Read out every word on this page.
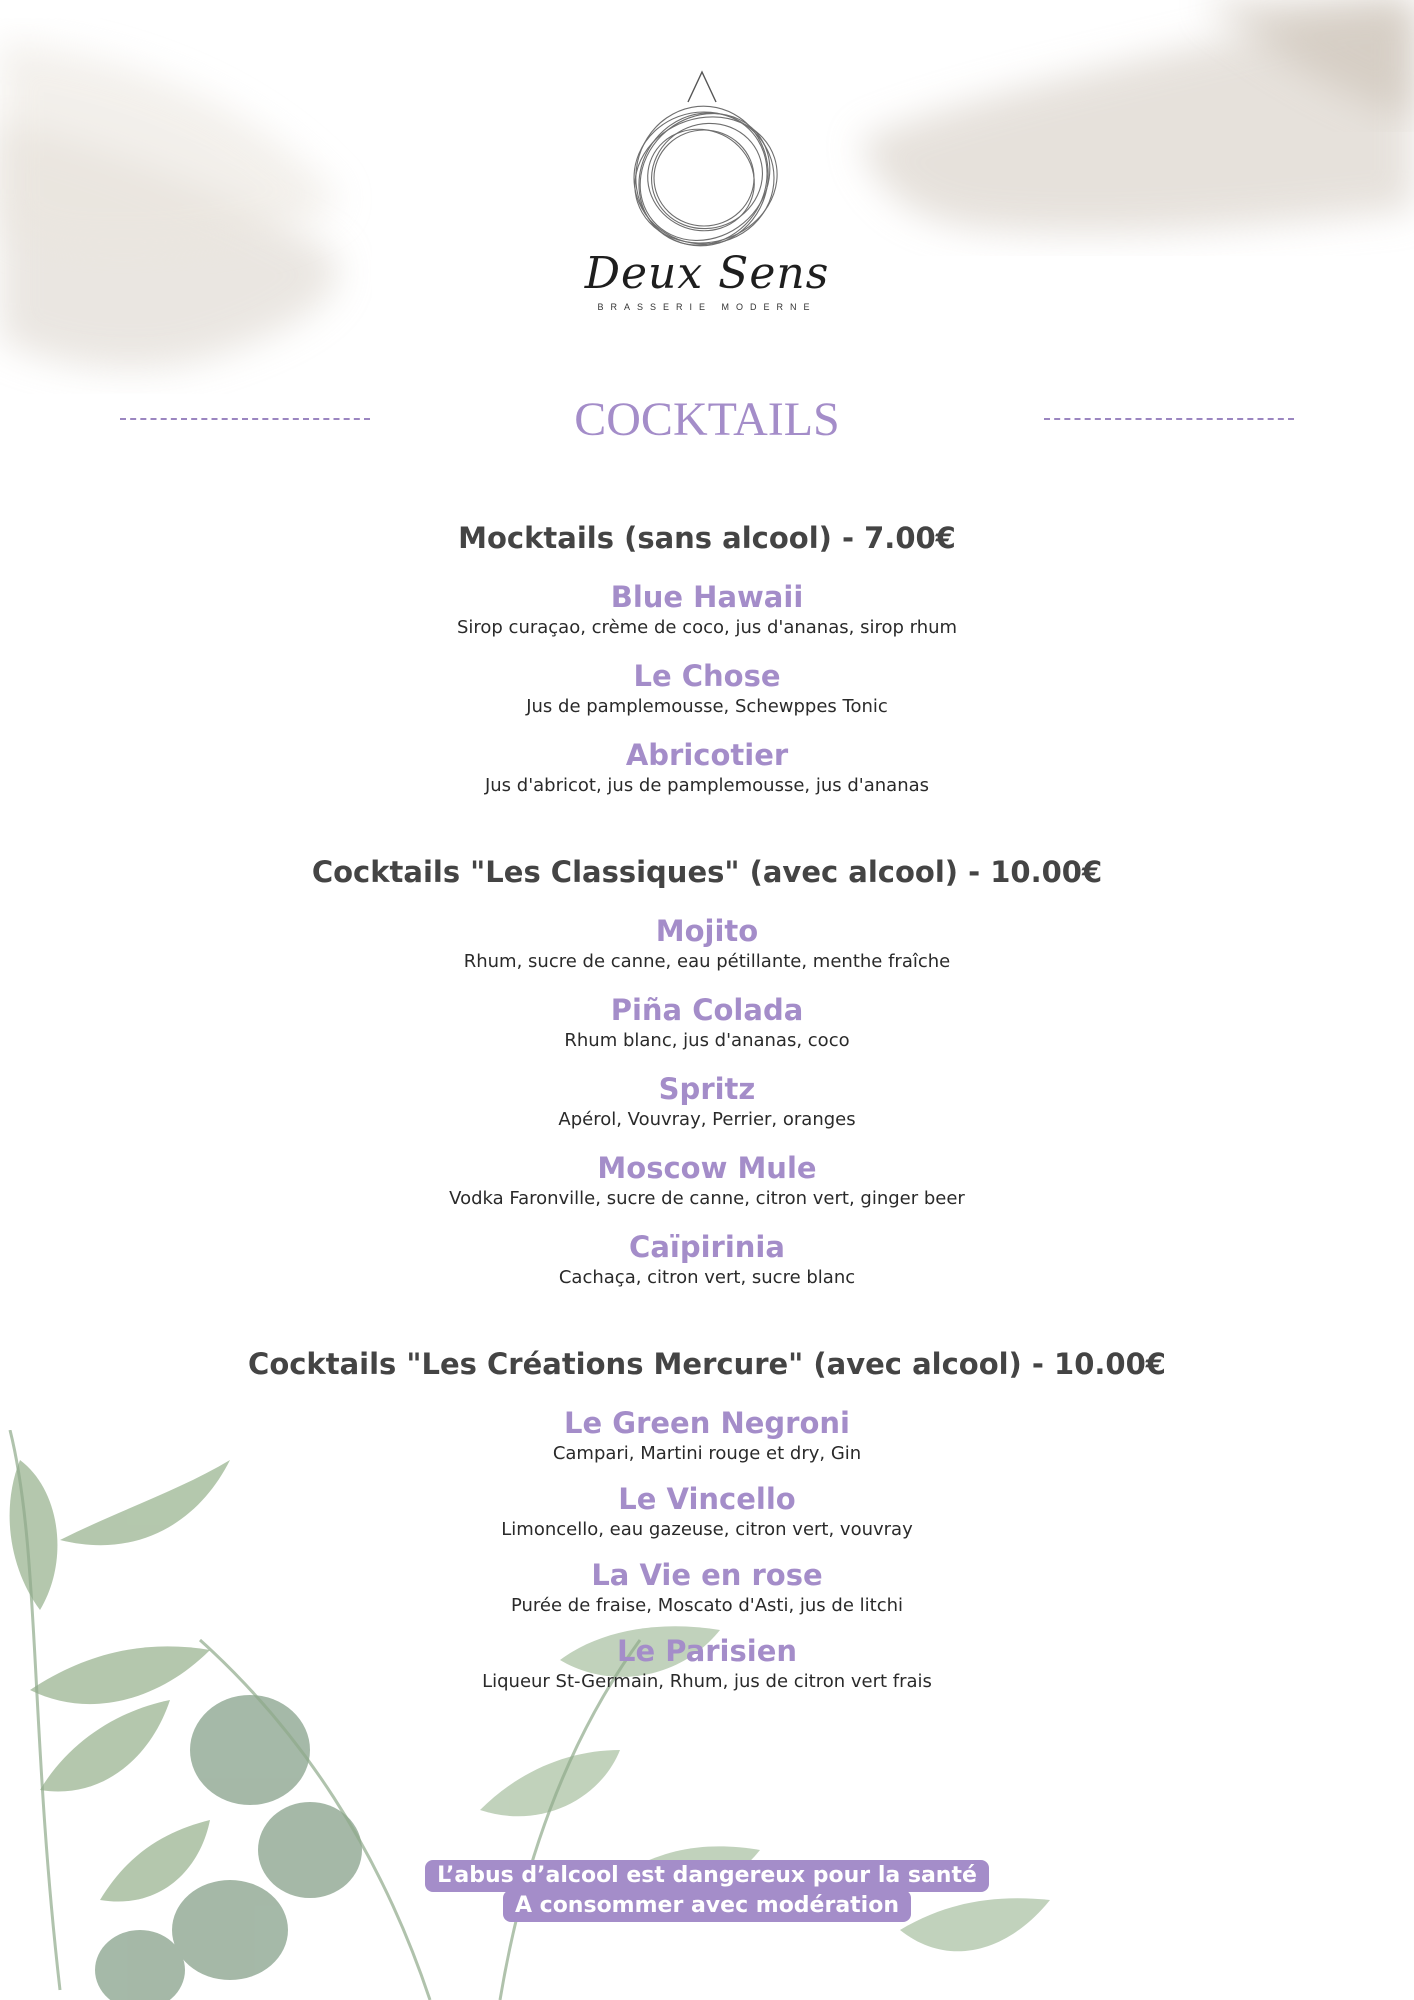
Deux Sens
BRASSERIE MODERNE
COCKTAILS
Mocktails (sans alcool) - 7.00€
Blue Hawaii
Sirop curaçao, crème de coco, jus d'ananas, sirop rhum
Le Chose
Jus de pamplemousse, Schewppes Tonic
Abricotier
Jus d'abricot, jus de pamplemousse, jus d'ananas
Cocktails "Les Classiques" (avec alcool) - 10.00€
Mojito
Rhum, sucre de canne, eau pétillante, menthe fraîche
Piña Colada
Rhum blanc, jus d'ananas, coco
Spritz
Apérol, Vouvray, Perrier, oranges
Moscow Mule
Vodka Faronville, sucre de canne, citron vert, ginger beer
Caïpirinia
Cachaça, citron vert, sucre blanc
Cocktails "Les Créations Mercure" (avec alcool) - 10.00€
Le Green Negroni
Campari, Martini rouge et dry, Gin
Le Vincello
Limoncello, eau gazeuse, citron vert, vouvray
La Vie en rose
Purée de fraise, Moscato d'Asti, jus de litchi
Le Parisien
Liqueur St-Germain, Rhum, jus de citron vert frais
L’abus d’alcool est dangereux pour la santé
A consommer avec modération
